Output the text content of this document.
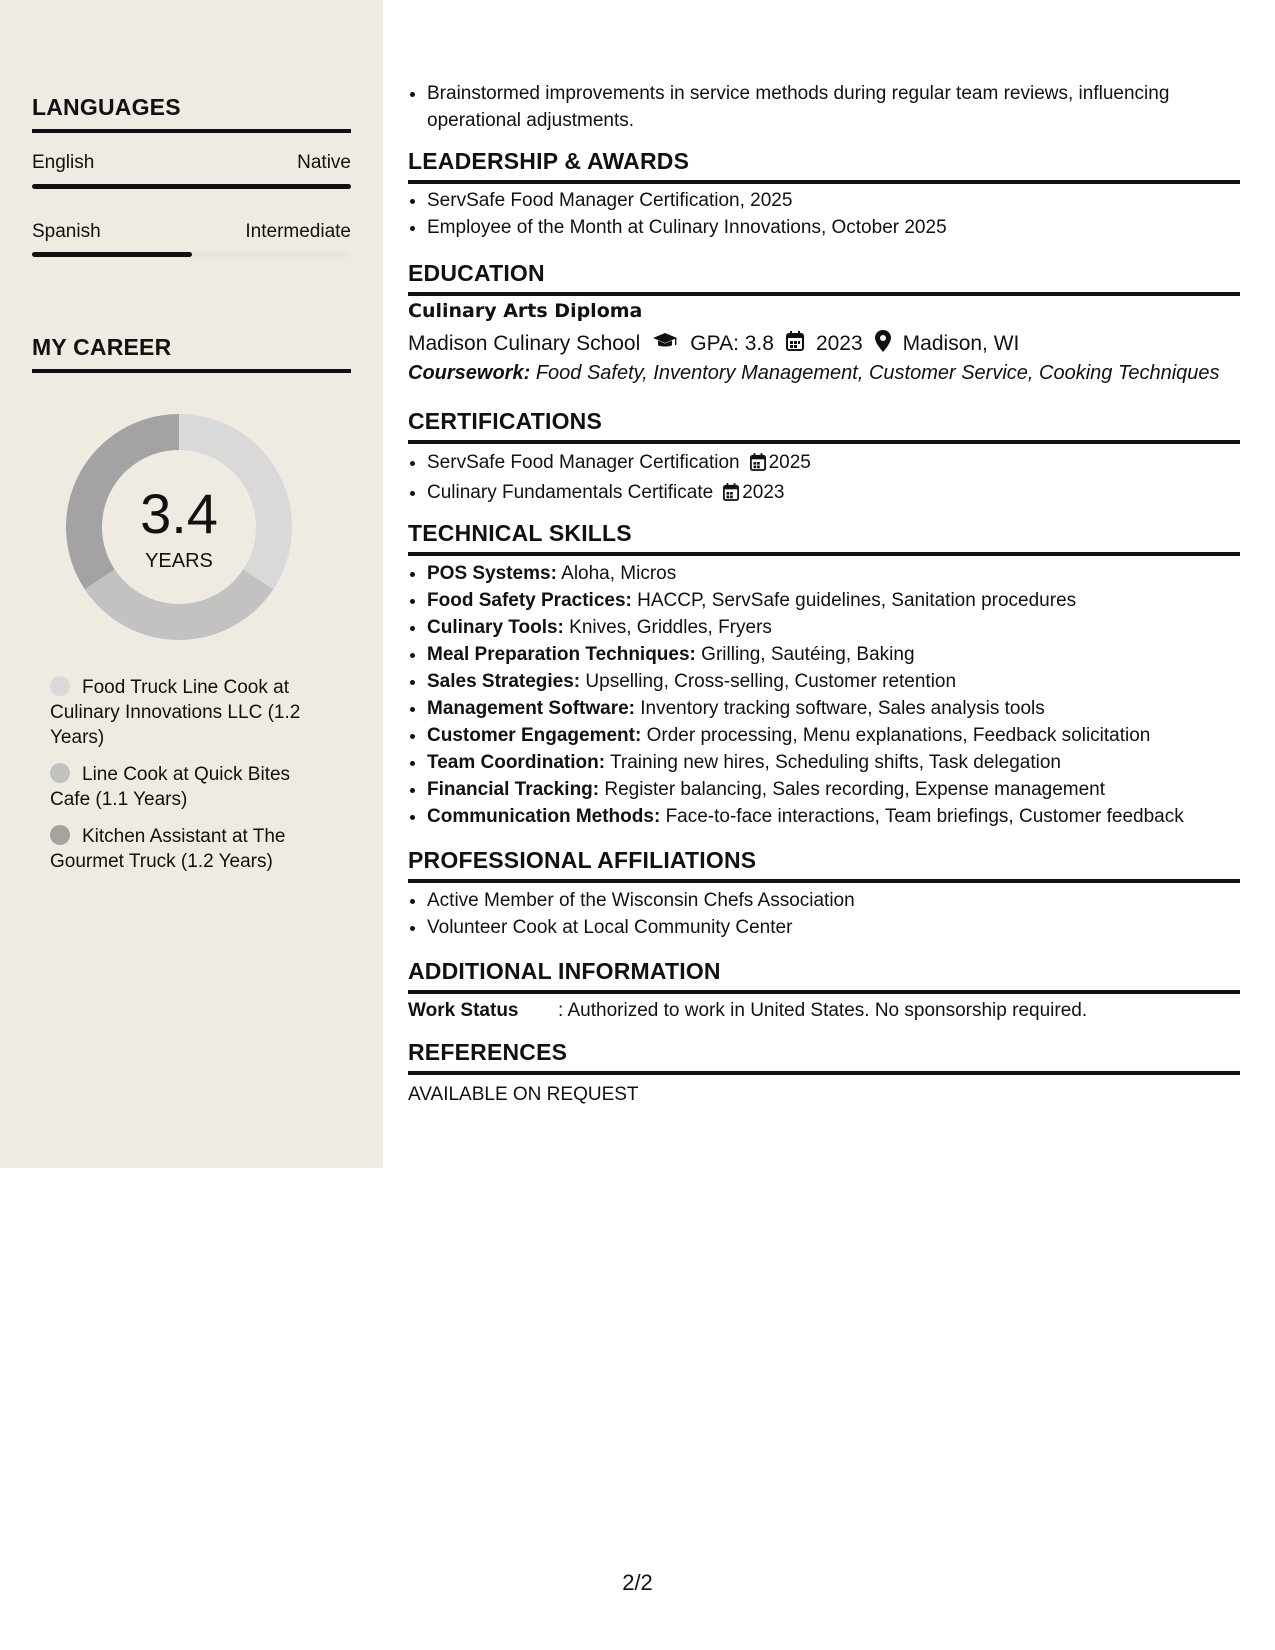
LANGUAGES
English	Native
Spanish	Intermediate
MY CAREER
3.4
YEARS
Food Truck Line Cook at Culinary Innovations LLC (1.2 Years)
Line Cook at Quick Bites Cafe (1.1 Years)
Kitchen Assistant at The Gourmet Truck (1.2 Years)
• Brainstormed improvements in service methods during regular team reviews, influencing operational adjustments.
LEADERSHIP & AWARDS
• ServSafe Food Manager Certification, 2025
• Employee of the Month at Culinary Innovations, October 2025
EDUCATION
Culinary Arts Diploma
Madison Culinary School GPA: 3.8 2023 Madison, WI
Coursework: Food Safety, Inventory Management, Customer Service, Cooking Techniques
CERTIFICATIONS
• ServSafe Food Manager Certification 2025
• Culinary Fundamentals Certificate 2023
TECHNICAL SKILLS
• POS Systems: Aloha, Micros
• Food Safety Practices: HACCP, ServSafe guidelines, Sanitation procedures
• Culinary Tools: Knives, Griddles, Fryers
• Meal Preparation Techniques: Grilling, Sautéing, Baking
• Sales Strategies: Upselling, Cross-selling, Customer retention
• Management Software: Inventory tracking software, Sales analysis tools
• Customer Engagement: Order processing, Menu explanations, Feedback solicitation
• Team Coordination: Training new hires, Scheduling shifts, Task delegation
• Financial Tracking: Register balancing, Sales recording, Expense management
• Communication Methods: Face-to-face interactions, Team briefings, Customer feedback
PROFESSIONAL AFFILIATIONS
• Active Member of the Wisconsin Chefs Association
• Volunteer Cook at Local Community Center
ADDITIONAL INFORMATION
Work Status	: Authorized to work in United States. No sponsorship required.
REFERENCES
AVAILABLE ON REQUEST
2/2
